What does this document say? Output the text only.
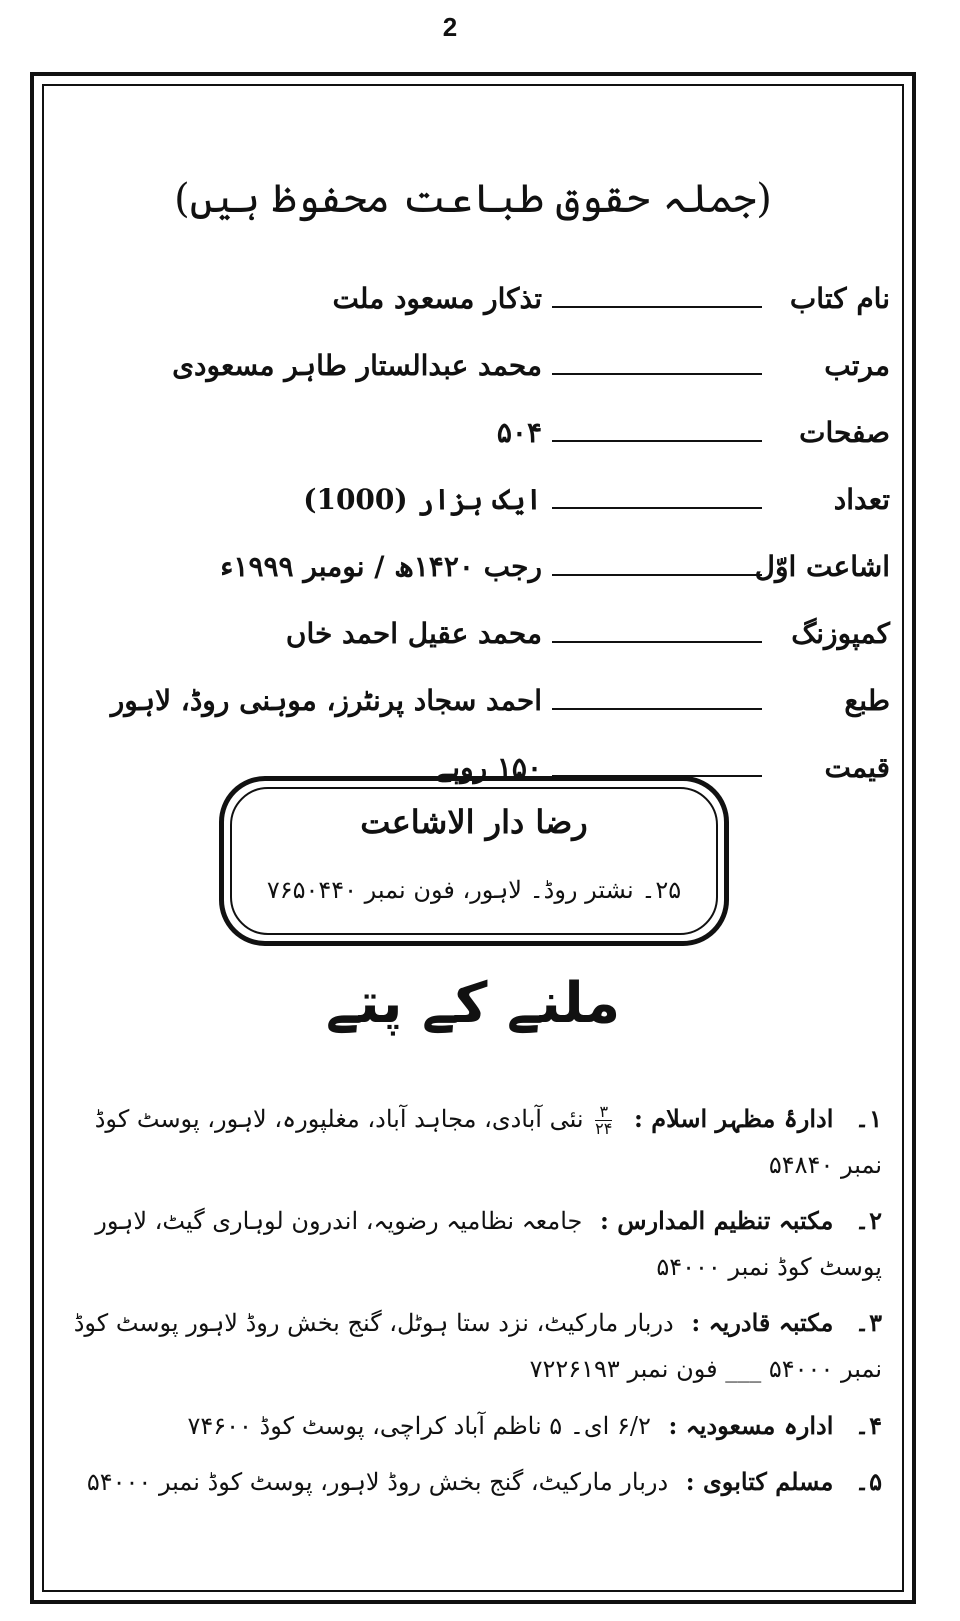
2
(جملہ حقوق طباعت محفوظ ہیں)
نام کتاب
تذکار مسعود ملت
مرتب
محمد عبدالستار طاہر مسعودی
صفحات
۵۰۴
تعداد
ایک ہزار (1000)
اشاعت اوّل
رجب ۱۴۲۰ھ / نومبر ۱۹۹۹ء
کمپوزنگ
محمد عقیل احمد خاں
طبع
احمد سجاد پرنٹرز، موہنی روڈ، لاہور
قیمت
۱۵۰ روپے
رضا دار الاشاعت
۲۵۔ نشتر روڈ۔ لاہور، فون نمبر ۷۶۵۰۴۴۰
ملنے کے پتے
۱۔ ادارۂ مظہر اسلام :
$\frac{۳}{۲۴}$
نئی آبادی، مجاہد آباد، مغلپورہ، لاہور، پوسٹ کوڈ نمبر ۵۴۸۴۰
۲۔ مکتبہ تنظیم المدارس : جامعہ نظامیہ رضویہ، اندرون لوہاری گیٹ، لاہور پوسٹ کوڈ نمبر ۵۴۰۰۰
۳۔ مکتبہ قادریہ : دربار مارکیٹ، نزد ستا ہوٹل، گنج بخش روڈ لاہور پوسٹ کوڈ نمبر ۵۴۰۰۰ ___ فون نمبر ۷۲۲۶۱۹۳
۴۔ ادارہ مسعودیہ : ۶/۲ ای۔ ۵ ناظم آباد کراچی، پوسٹ کوڈ ۷۴۶۰۰
۵۔ مسلم کتابوی : دربار مارکیٹ، گنج بخش روڈ لاہور، پوسٹ کوڈ نمبر ۵۴۰۰۰
